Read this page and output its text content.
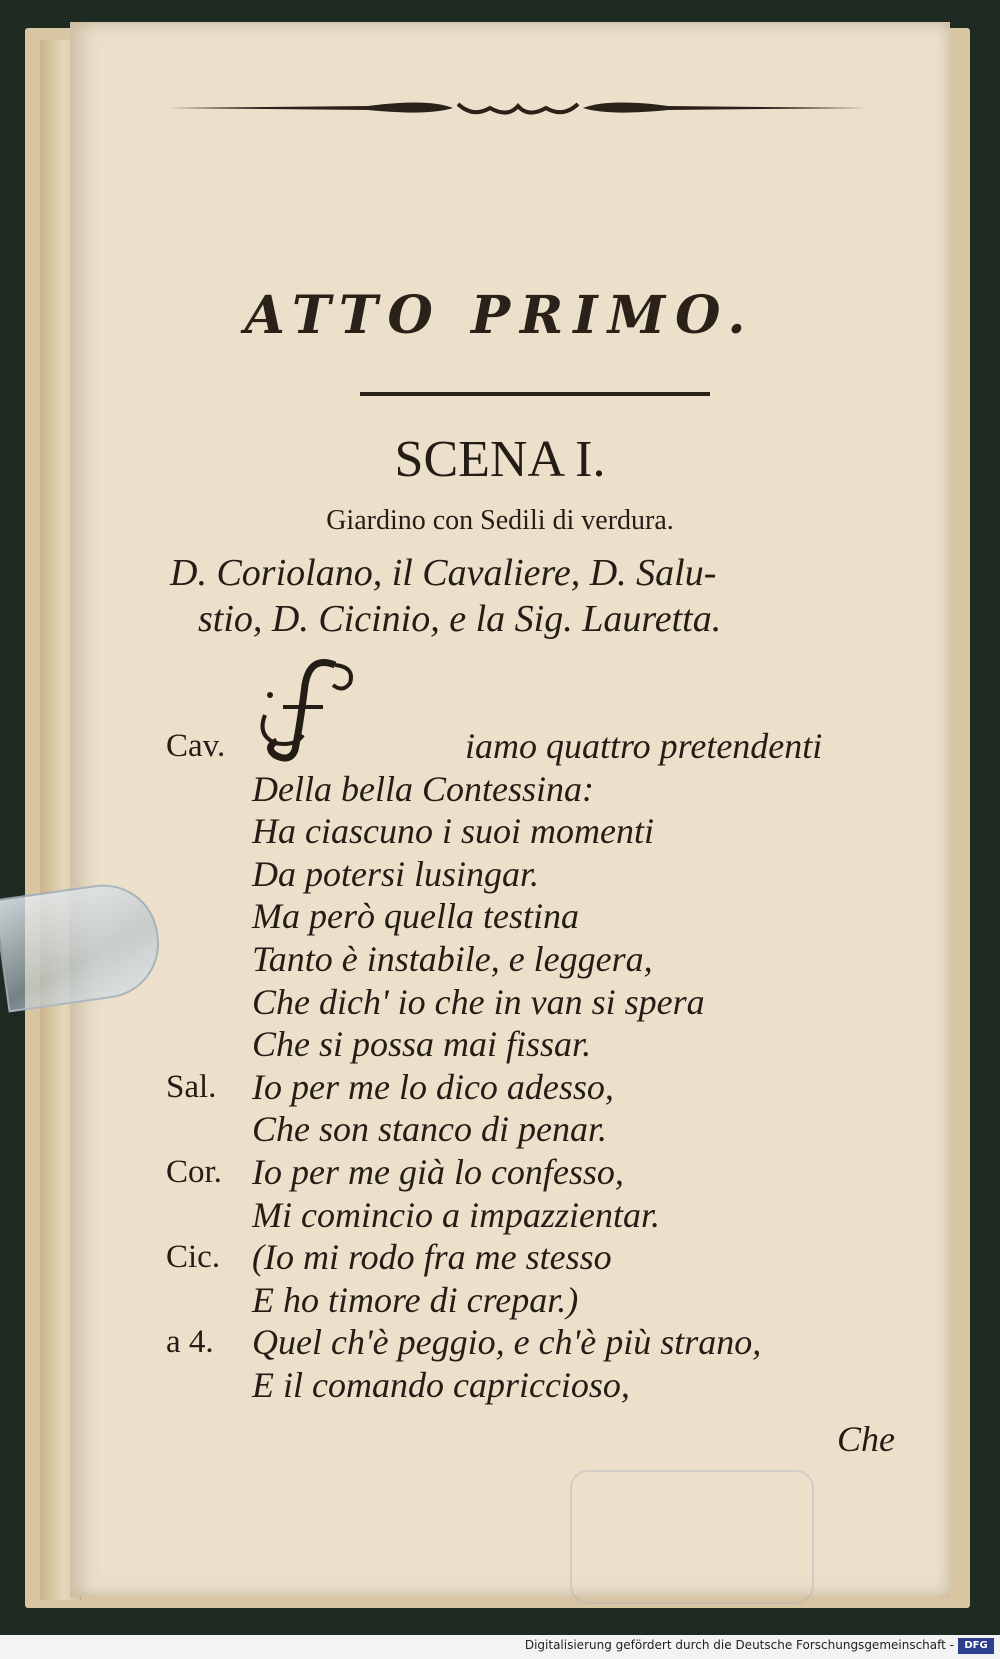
ATTO PRIMO.
SCENA I.
Giardino con Sedili di verdura.
D. Coriolano, il Cavaliere, D. Salu-
stio, D. Cicinio, e la Sig. Lauretta.
Cav.	iamo quattro pretendenti
Della bella Contessina:
Ha ciascuno i suoi momenti
Da potersi lusingar.
Ma però quella testina
Tanto è instabile, e leggera,
Che dich' io che in van si spera
Che si possa mai fissar.
Sal. Io per me lo dico adesso,
Che son stanco di penar.
Cor. Io per me già lo confesso,
Mi comincio a impazzientar.
Cic. (Io mi rodo fra me stesso
E ho timore di crepar.)
a 4. Quel ch'è peggio, e ch'è più strano,
E il comando capriccioso,
Che
Digitalisierung gefördert durch die Deutsche Forschungsgemeinschaft -	DFG
